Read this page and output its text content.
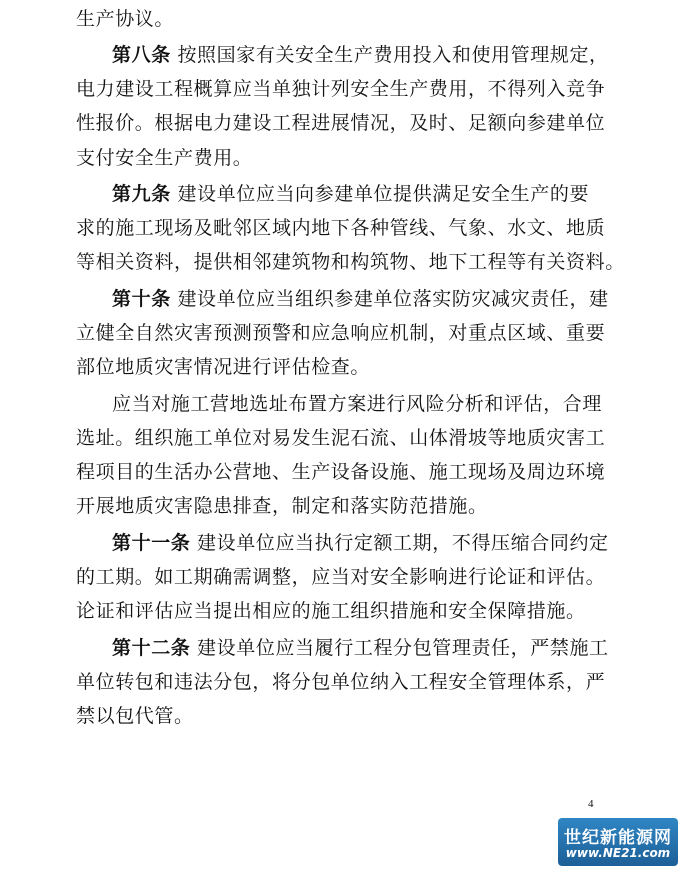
生产协议。
第八条 按照国家有关安全生产费用投入和使用管理规定，
电力建设工程概算应当单独计列安全生产费用，不得列入竞争
性报价。根据电力建设工程进展情况，及时、足额向参建单位
支付安全生产费用。
第九条 建设单位应当向参建单位提供满足安全生产的要
求的施工现场及毗邻区域内地下各种管线、气象、水文、地质
等相关资料，提供相邻建筑物和构筑物、地下工程等有关资料。
第十条 建设单位应当组织参建单位落实防灾减灾责任，建
立健全自然灾害预测预警和应急响应机制，对重点区域、重要
部位地质灾害情况进行评估检查。
应当对施工营地选址布置方案进行风险分析和评估，合理
选址。组织施工单位对易发生泥石流、山体滑坡等地质灾害工
程项目的生活办公营地、生产设备设施、施工现场及周边环境
开展地质灾害隐患排查，制定和落实防范措施。
第十一条 建设单位应当执行定额工期，不得压缩合同约定
的工期。如工期确需调整，应当对安全影响进行论证和评估。
论证和评估应当提出相应的施工组织措施和安全保障措施。
第十二条 建设单位应当履行工程分包管理责任，严禁施工
单位转包和违法分包，将分包单位纳入工程安全管理体系，严
禁以包代管。
4
世纪新能源网
www.NE21.com
